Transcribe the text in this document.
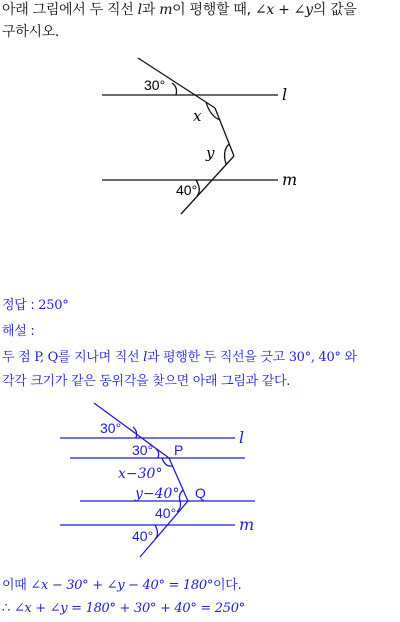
아래 그림에서 두 직선 l과 m이 평행할 때, ∠x + ∠y의 값을
구하시오.
30°	l
x
y
40°
m
정답 : 250°
해설 :
두 점 P, Q를 지나며 직선 l과 평행한 두 직선을 긋고 30°, 40° 와
각각 크기가 같은 동위각을 찾으면 아래 그림과 같다.
30°
30° P
l
x−30°
y−40° Q
40°
40°
m
이때 ∠x − 30° + ∠y − 40° = 180°이다.
∴ ∠x + ∠y = 180° + 30° + 40° = 250°
